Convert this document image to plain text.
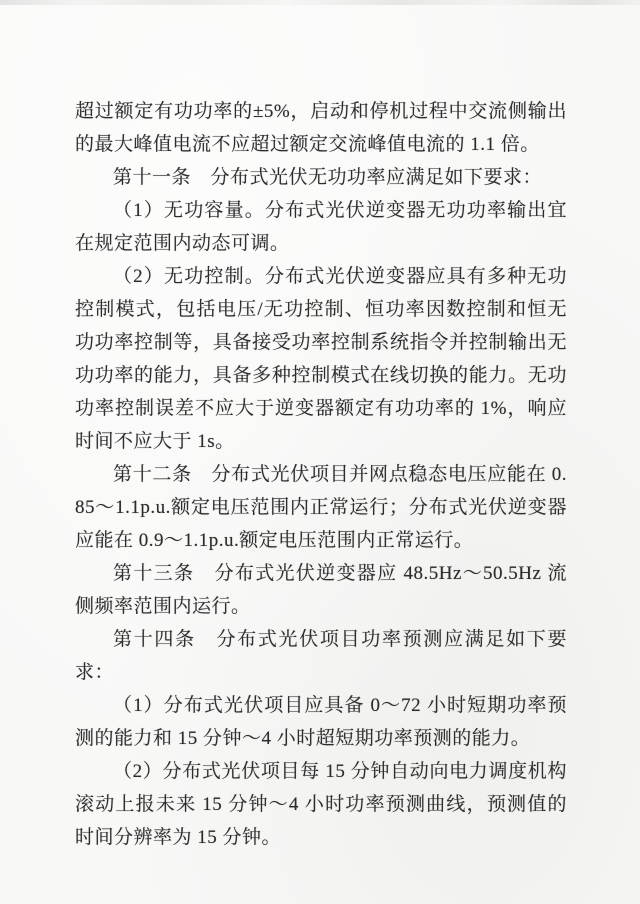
超过额定有功功率的±5%，启动和停机过程中交流侧输出的最大峰值电流不应超过额定交流峰值电流的 1.1 倍。

第十一条　分布式光伏无功功率应满足如下要求：

（1）无功容量。分布式光伏逆变器无功功率输出宜在规定范围内动态可调。

（2）无功控制。分布式光伏逆变器应具有多种无功控制模式，包括电压/无功控制、恒功率因数控制和恒无功功率控制等，具备接受功率控制系统指令并控制输出无功功率的能力，具备多种控制模式在线切换的能力。无功功率控制误差不应大于逆变器额定有功功率的 1%，响应时间不应大于 1s。

第十二条　分布式光伏项目并网点稳态电压应能在 0.85～1.1p.u.额定电压范围内正常运行；分布式光伏逆变器应能在 0.9～1.1p.u.额定电压范围内正常运行。

第十三条　分布式光伏逆变器应 48.5Hz～50.5Hz 流侧频率范围内运行。

第十四条　分布式光伏项目功率预测应满足如下要求：

（1）分布式光伏项目应具备 0～72 小时短期功率预测的能力和 15 分钟～4 小时超短期功率预测的能力。

（2）分布式光伏项目每 15 分钟自动向电力调度机构滚动上报未来 15 分钟～4 小时功率预测曲线，预测值的时间分辨率为 15 分钟。
